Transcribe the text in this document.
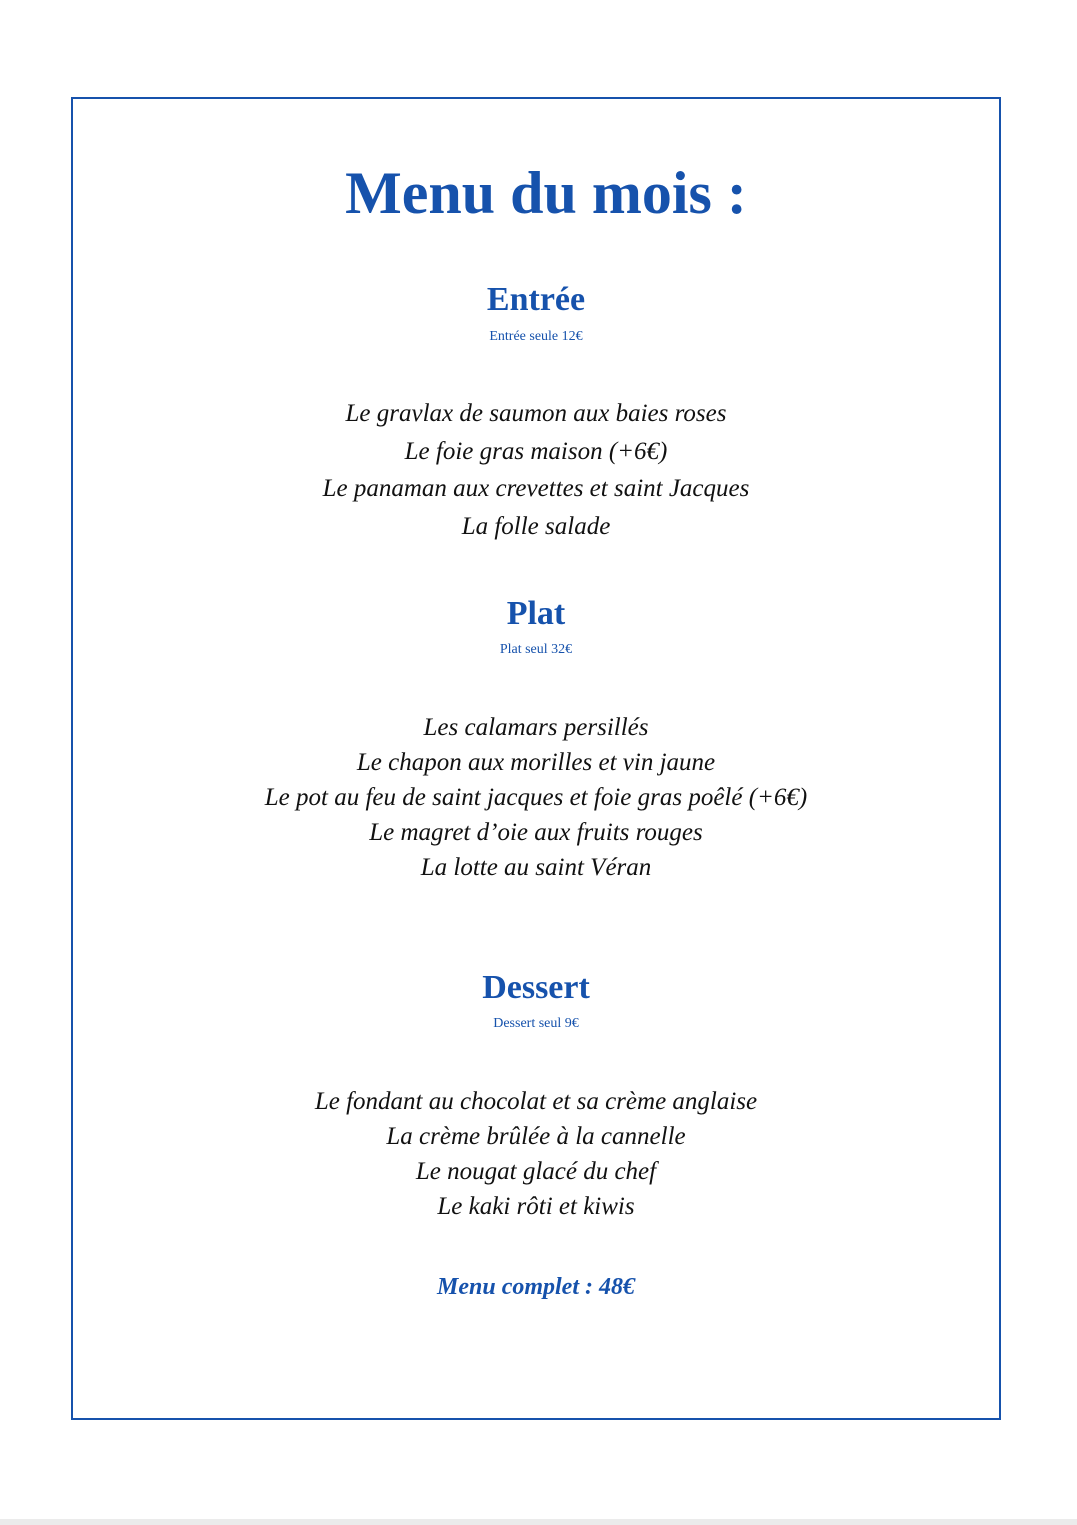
Menu du mois :
Entrée

Entrée seule 12€

Le gravlax de saumon aux baies roses
Le foie gras maison (+6€)
Le panaman aux crevettes et saint Jacques
La folle salade
Plat

Plat seul 32€

Les calamars persillés
Le chapon aux morilles et vin jaune
Le pot au feu de saint jacques et foie gras poêlé (+6€)
Le magret d’oie aux fruits rouges
La lotte au saint Véran
Dessert

Dessert seul 9€

Le fondant au chocolat et sa crème anglaise
La crème brûlée à la cannelle
Le nougat glacé du chef
Le kaki rôti et kiwis

Menu complet : 48€
